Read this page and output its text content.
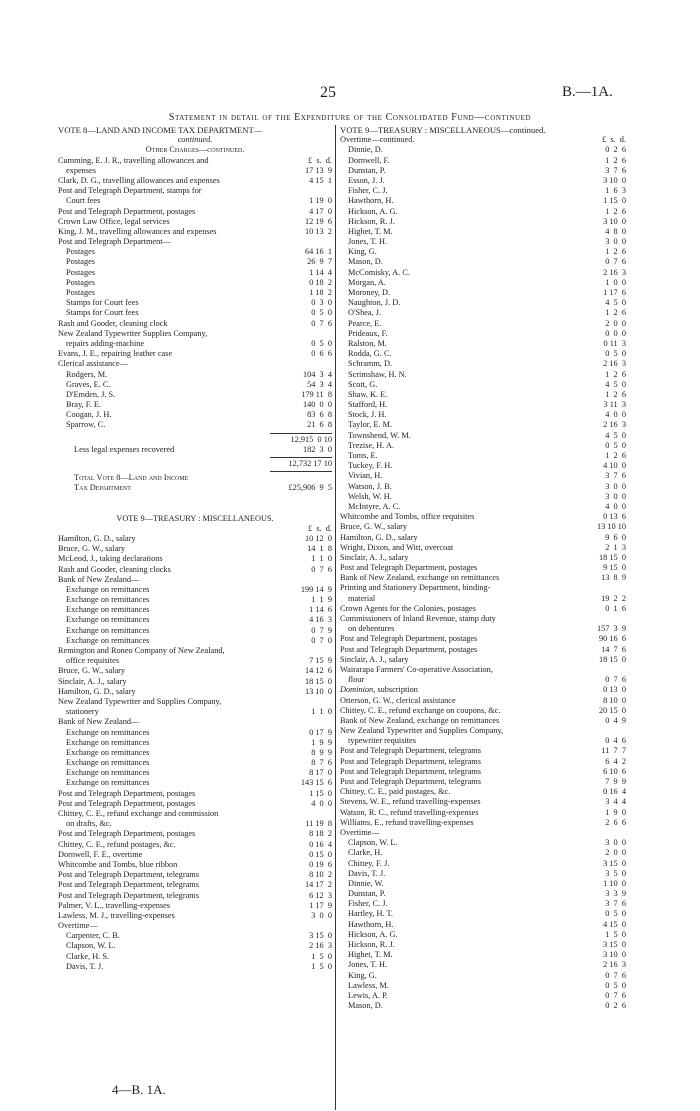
25	B.—1A.
Statement in detail of the Expenditure of the Consolidated Fund—continued
VOTE 8—LAND AND INCOME TAX DEPARTMENT—
continued.
Other Charges—continued.
Cumming, E. J. R., travelling allowances and	£  s.  d.
expenses	17 13  9
Clark, D. G., travelling allowances and expenses	4 15  1
Post and Telegraph Department, stamps for
Court fees	1 19  0
Post and Telegraph Department, postages	4 17  0
Crown Law Office, legal services	12 19  6
King, J. M., travelling allowances and expenses	10 13  2
Post and Telegraph Department—
Postages	64 16  1
Postages	26  9  7
Postages	1 14  4
Postages	0 18  2
Postages	1 18  2
Stamps for Court fees	0  3  0
Stamps for Court fees	0  5  0
Rash and Gooder, cleaning clock	0  7  6
New Zealand Typewriter Supplies Company,
repairs adding-machine	0  5  0
Evans, J. E., repairing leather case	0  6  6
Clerical assistance—
Rodgers, M.	104  3  4
Graves, E. C.	54  3  4
D'Emden, J. S.	179 11  8
Bray, F. E.	140  0  0
Coogan, J. H.	83  6  8
Sparrow, C.	21  6  8
12,915  0 10
Less legal expenses recovered	182  3  0
12,732 17 10
Total Vote 8—Land and Income
Tax Department	£25,906  9  5
VOTE 9—TREASURY : MISCELLANEOUS.
£  s.  d.
Hamilton, G. D., salary	10 12  0
Bruce, G. W., salary	14  1  8
McLeod, J., taking declarations	1  1  0
Rash and Gooder, cleaning clocks	0  7  6
Bank of New Zealand—
Exchange on remittances	199 14  9
Exchange on remittances	1  1  9
Exchange on remittances	1 14  6
Exchange on remittances	4 16  3
Exchange on remittances	0  7  9
Exchange on remittances	0  7  0
Remington and Roneo Company of New Zealand,
office requisites	7 15  9
Bruce, G. W., salary	14 12  6
Sinclair, A. J., salary	18 15  0
Hamilton, G. D., salary	13 10  0
New Zealand Typewriter and Supplies Company,
stationery	1  1  0
Bank of New Zealand—
Exchange on remittances	0 17  9
Exchange on remittances	1  9  9
Exchange on remittances	8  9  9
Exchange on remittances	8  7  6
Exchange on remittances	8 17  0
Exchange on remittances	143 15  6
Post and Telegraph Department, postages	1 15  0
Post and Telegraph Department, postages	4  0  0
Chittey, C. E., refund exchange and commission
on drafts, &c.	11 19  8
Post and Telegraph Department, postages	8 18  2
Chittey, C. E., refund postages, &c.	0 16  4
Dornwell, F. E., overtime	0 15  0
Whitcombe and Tombs, blue ribbon	0 19  6
Post and Telegraph Department, telegrams	8 10  2
Post and Telegraph Department, telegrams	14 17  2
Post and Telegraph Department, telegrams	6 12  3
Palmer, V. L., travelling-expenses	1 17  9
Lawless, M. J., travelling-expenses	3  0  0
Overtime—
Carpenter, C. B.	3 15  0
Clapson, W. L.	2 16  3
Clarke, H. S.	1  5  0
Davis, T. J.	1  5  0
VOTE 9—TREASURY : MISCELLANEOUS—continued.
Overtime—continued.	£  s.  d.
Dinnie, D.	0  2  6
Dornwell, F.	1  2  6
Dunstan, P.	3  7  6
Esson, J. J.	3 10  0
Fisher, C. J.	1  6  3
Hawthorn, H.	1 15  0
Hickson, A. G.	1  2  6
Hickson, R. J.	3 10  0
Highet, T. M.	4  8  0
Jones, T. H.	3  0  0
King, G.	1  2  6
Mason, D.	0  7  6
McComisky, A. C.	2 16  3
Morgan, A.	1  0  0
Moroney, D.	1 17  6
Naughton, J. D.	4  5  0
O'Shea, J.	1  2  6
Pearce, E.	2  0  0
Prideaux, F.	0  0  0
Ralston, M.	0 11  3
Rodda, G. C.	0  5  0
Schramm, D.	2 16  3
Scrimshaw, H. N.	1  2  6
Scott, G.	4  5  0
Shaw, K. E.	1  2  6
Stafford, H.	3 11  3
Stock, J. H.	4  0  0
Taylor, E. M.	2 16  3
Townshend, W. M.	4  5  0
Trezise, H. A.	0  5  0
Toms, E.	1  2  6
Tuckey, F. H.	4 10  0
Vivian, H.	3  7  6
Watson, J. B.	3  0  0
Welsh, W. H.	3  0  0
McIntyre, A. C.	4  0  0
Whitcombe and Tombs, office requisites	0 13  6
Bruce, G. W., salary	13 10 10
Hamilton, G. D., salary	9  6  0
Wright, Dixon, and Witt, overcoat	2  1  3
Sinclair, A. J., salary	18 15  0
Post and Telegraph Department, postages	9 15  0
Bank of New Zealand, exchange on remittances	13  8  9
Printing and Stationery Department, binding-
material	19  2  2
Crown Agents for the Colonies, postages	0  1  6
Commissioners of Inland Revenue, stamp duty
on debentures	157  3  9
Post and Telegraph Department, postages	90 16  6
Post and Telegraph Department, postages	14  7  6
Sinclair, A. J., salary	18 15  0
Wairarapa Farmers' Co-operative Association,
flour	0  7  6
Dominion, subscription	0 13  0
Otterson, G. W., clerical assistance	8 10  0
Chittey, C. E., refund exchange on coupons, &c.	20 15  0
Bank of New Zealand, exchange on remittances	0  4  9
New Zealand Typewriter and Supplies Company,
typewriter requisites	0  4  6
Post and Telegraph Department, telegrams	11  7  7
Post and Telegraph Department, telegrams	6  4  2
Post and Telegraph Department, telegrams	6 10  6
Post and Telegraph Department, telegrams	7  9  9
Chittey, C. E., paid postages, &c.	0 16  4
Stevens, W. E., refund travelling-expenses	3  4  4
Watson, R. C., refund travelling-expenses	1  9  0
Williams, E., refund travelling-expenses	2  6  6
Overtime—
Clapson, W. L.	3  0  0
Clarke, H.	2  0  0
Chittey, F. J.	3 15  0
Davis, T. J.	3  5  0
Dinnie, W.	1 10  0
Dunstan, P.	3  3  9
Fisher, C. J.	3  7  6
Hartley, H. T.	0  5  0
Hawthorn, H.	4 15  0
Hickson, A. G.	1  5  0
Hickson, R. J.	3 15  0
Highet, T. M.	3 10  0
Jones, T. H.	2 16  3
King, G.	0  7  6
Lawless, M.	0  5  0
Lewis, A. P.	0  7  6
Mason, D.	0  2  6
4—B. 1A.
